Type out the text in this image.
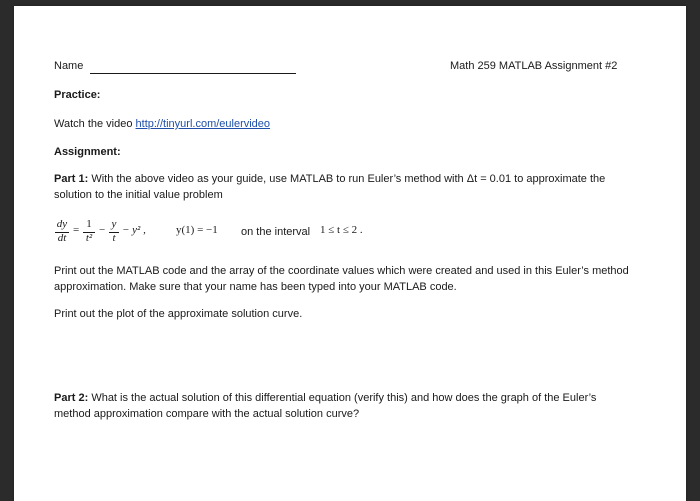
Name	Math 259 MATLAB Assignment #2
Practice:
Watch the video http://tinyurl.com/eulervideo
Assignment:
Part 1: With the above video as your guide, use MATLAB to run Euler’s method with Δt = 0.01 to approximate the
solution to the initial value problem
dy
dt
= 1
t²
− y
t
− y² ,	y(1) = −1 on the interval 1 ≤ t ≤ 2 .
Print out the MATLAB code and the array of the coordinate values which were created and used in this Euler’s method
approximation. Make sure that your name has been typed into your MATLAB code.
Print out the plot of the approximate solution curve.
Part 2: What is the actual solution of this differential equation (verify this) and how does the graph of the Euler’s
method approximation compare with the actual solution curve?
